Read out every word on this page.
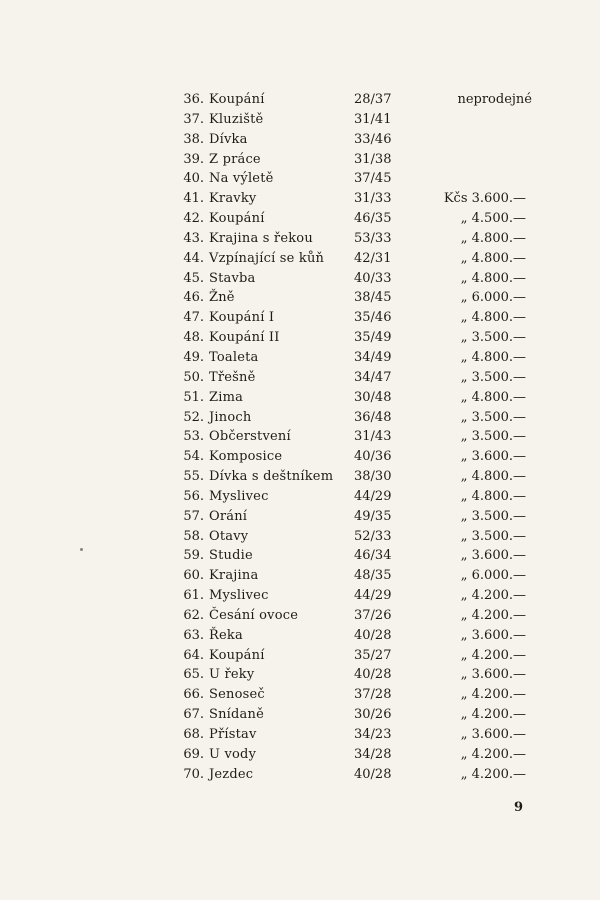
36. Koupání	28/37	neprodejné
37. Kluziště	31/41
38. Dívka	33/46
39. Z práce	31/38
40. Na výletě	37/45
41. Kravky	31/33	Kčs 3.600.—
42. Koupání	46/35	„ 4.500.—
43. Krajina s řekou	53/33	„ 4.800.—
44. Vzpínající se kůň 42/31	„ 4.800.—
45. Stavba	40/33	„ 4.800.—
46. Žně	38/45	„ 6.000.—
47. Koupání I	35/46	„ 4.800.—
48. Koupání II	35/49	„ 3.500.—
49. Toaleta	34/49	„ 4.800.—
50. Třešně	34/47	„ 3.500.—
51. Zima	30/48	„ 4.800.—
52. Jinoch	36/48	„ 3.500.—
53. Občerstvení	31/43	„ 3.500.—
54. Komposice	40/36	„ 3.600.—
55. Dívka s deštníkem 38/30	„ 4.800.—
56. Myslivec	44/29	„ 4.800.—
57. Orání	49/35	„ 3.500.—
58. Otavy	52/33	„ 3.500.—
59. Studie	46/34	„ 3.600.—
60. Krajina	48/35	„ 6.000.—
61. Myslivec	44/29	„ 4.200.—
62. Česání ovoce	37/26	„ 4.200.—
63. Řeka	40/28	„ 3.600.—
64. Koupání	35/27	„ 4.200.—
65. U řeky	40/28	„ 3.600.—
66. Senoseč	37/28	„ 4.200.—
67. Snídaně	30/26	„ 4.200.—
68. Přístav	34/23	„ 3.600.—
69. U vody	34/28	„ 4.200.—
70. Jezdec	40/28	„ 4.200.—
9
